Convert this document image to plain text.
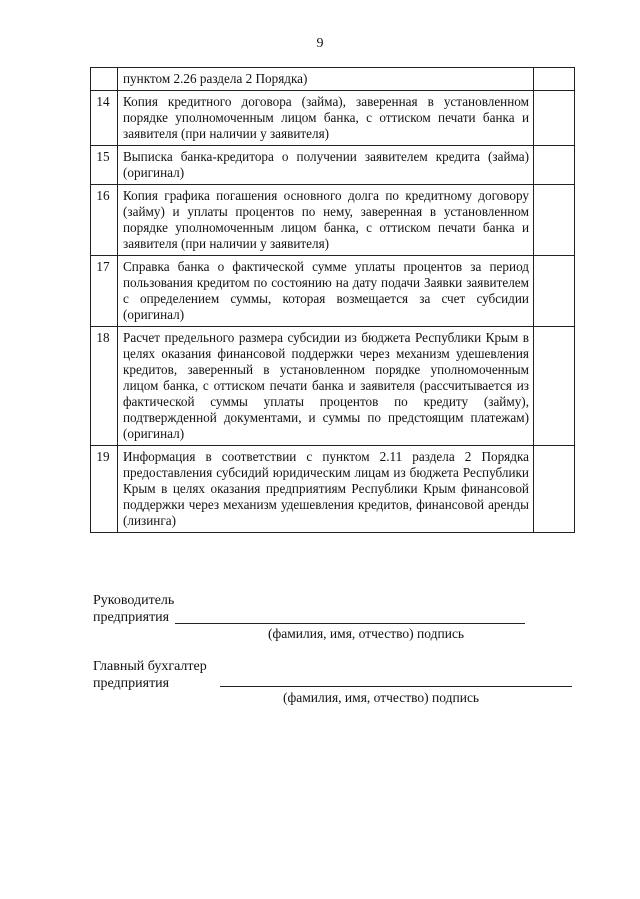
9
	пунктом 2.26 раздела 2 Порядка)	
14	Копия кредитного договора (займа), заверенная в установленном порядке уполномоченным лицом банка, с оттиском печати банка и заявителя (при наличии у заявителя)	
15	Выписка банка-кредитора о получении заявителем кредита (займа) (оригинал)	
16	Копия графика погашения основного долга по кредитному договору (займу) и уплаты процентов по нему, заверенная в установленном порядке уполномоченным лицом банка, с оттиском печати банка и заявителя (при наличии у заявителя)	
17	Справка банка о фактической сумме уплаты процентов за период пользования кредитом по состоянию на дату подачи Заявки заявителем с определением суммы, которая возмещается за счет субсидии (оригинал)	
18	Расчет предельного размера субсидии из бюджета Республики Крым в целях оказания финансовой поддержки через механизм удешевления кредитов, заверенный в установленном порядке уполномоченным лицом банка, с оттиском печати банка и заявителя (рассчитывается из фактической суммы уплаты процентов по кредиту (займу), подтвержденной документами, и суммы по предстоящим платежам) (оригинал)	
19	Информация в соответствии с пунктом 2.11 раздела 2 Порядка предоставления субсидий юридическим лицам из бюджета Республики Крым в целях оказания предприятиям Республики Крым финансовой поддержки через механизм удешевления кредитов, финансовой аренды (лизинга)	
Руководитель
предприятия
(фамилия, имя, отчество) подпись
Главный бухгалтер
предприятия
(фамилия, имя, отчество) подпись
